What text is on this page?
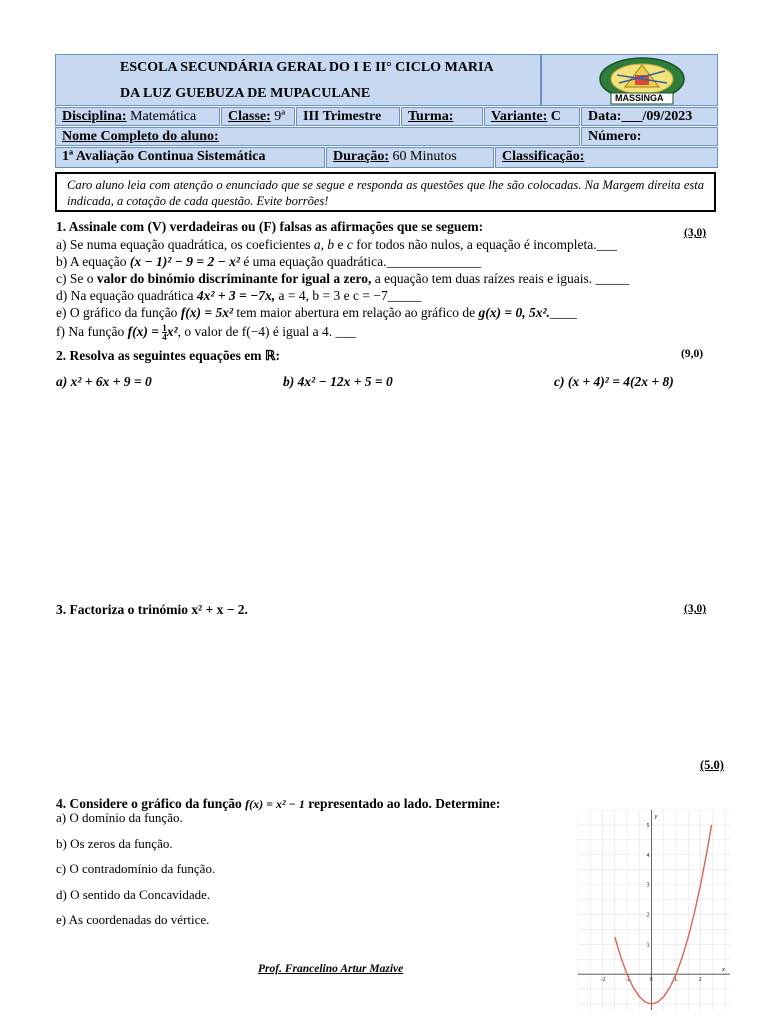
ESCOLA SECUNDÁRIA GERAL DO I E II° CICLO MARIA
DA LUZ GUEBUZA DE MUPACULANE	MASSINGA
Disciplina: Matemática	Classe: 9ª	III Trimestre	Turma:	Variante: C	Data:___/09/2023
Nome Completo do aluno:	Número:
1ª Avaliação Continua Sistemática	Duração: 60 Minutos	Classificação:
Caro aluno leia com atenção o enunciado que se segue e responda as questões que lhe são colocadas. Na Margem direita esta indicada, a cotação de cada questão. Evite borrões!
1. Assinale com (V) verdadeiras ou (F) falsas as afirmações que se seguem:	(3,0)
a) Se numa equação quadrática, os coeficientes a, b e c for todos não nulos, a equação é incompleta.___
b) A equação (x − 1)² − 9 = 2 − x² é uma equação quadrática.______________
c) Se o valor do binómio discriminante for igual a zero, a equação tem duas raízes reais e iguais. _____
d) Na equação quadrática 4x² + 3 = −7x, a = 4, b = 3 e c = −7_____
e) O gráfico da função f(x) = 5x² tem maior abertura em relação ao gráfico de g(x) = 0, 5x².____
f) Na função $f(x) = \frac{1}{4} x^2$, o valor de f(−4) é igual a 4. ___
2. Resolva as seguintes equações em ℝ:	(9,0)
a) x² + 6x + 9 = 0	b) 4x² − 12x + 5 = 0	c) (x + 4)² = 4(2x + 8)
3. Factoriza o trinómio x² + x − 2.	(3,0)
(5.0)
4. Considere o gráfico da função f(x) = x² − 1 representado ao lado. Determine:
a) O domínio da função.
b) Os zeros da função.
c) O contradomínio da função.
d) O sentido da Concavidade.
e) As coordenadas do vértice.
x
y
-2	-1	0	1	2
1
2
3
4
5
Prof. Francelino Artur Mazive
